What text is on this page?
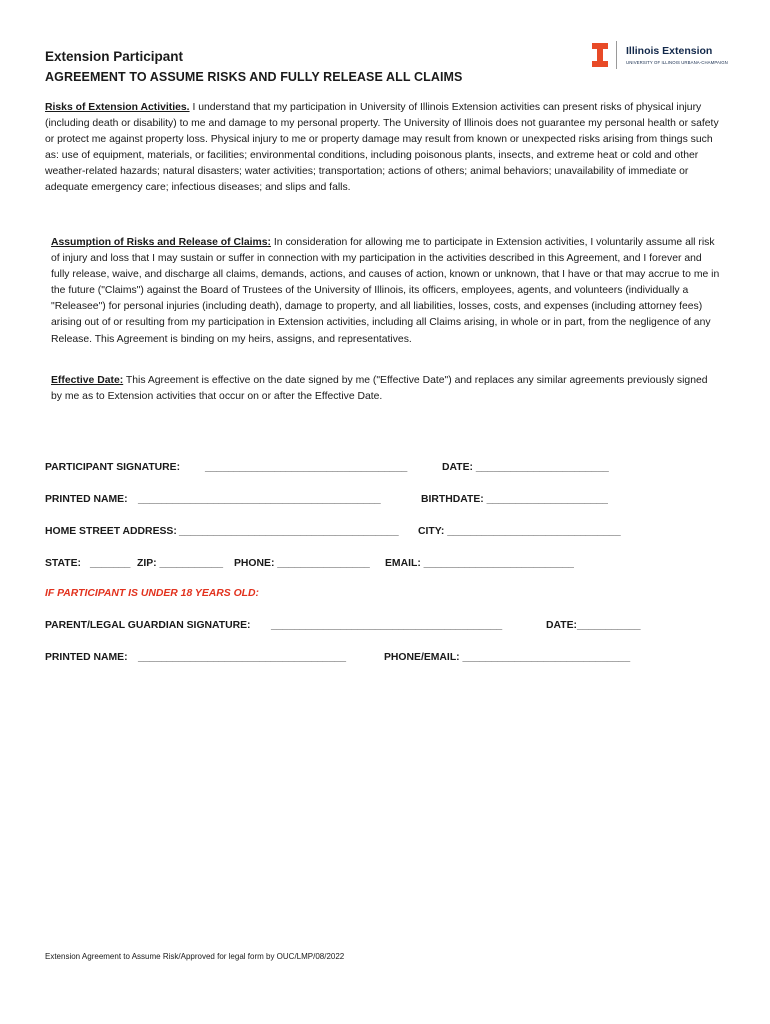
Extension Participant
AGREEMENT TO ASSUME RISKS AND FULLY RELEASE ALL CLAIMS
Illinois Extension
UNIVERSITY OF ILLINOIS URBANA-CHAMPAIGN
Risks of Extension Activities. I understand that my participation in University of Illinois Extension activities can present risks of physical injury (including death or disability) to me and damage to my personal property. The University of Illinois does not guarantee my personal health or safety or protect me against property loss. Physical injury to me or property damage may result from known or unexpected risks arising from things such as: use of equipment, materials, or facilities; environmental conditions, including poisonous plants, insects, and extreme heat or cold and other weather-related hazards; natural disasters; water activities; transportation; actions of others; animal behaviors; unavailability of immediate or adequate emergency care; infectious diseases; and slips and falls.
Assumption of Risks and Release of Claims: In consideration for allowing me to participate in Extension activities, I voluntarily assume all risk of injury and loss that I may sustain or suffer in connection with my participation in the activities described in this Agreement, and I forever and fully release, waive, and discharge all claims, demands, actions, and causes of action, known or unknown, that I have or that may accrue to me in the future ("Claims") against the Board of Trustees of the University of Illinois, its officers, employees, agents, and volunteers (individually a "Releasee") for personal injuries (including death), damage to property, and all liabilities, losses, costs, and expenses (including attorney fees) arising out of or resulting from my participation in Extension activities, including all Claims arising, in whole or in part, from the negligence of any Release. This Agreement is binding on my heirs, assigns, and representatives.
Effective Date: This Agreement is effective on the date signed by me ("Effective Date") and replaces any similar agreements previously signed by me as to Extension activities that occur on or after the Effective Date.
PARTICIPANT SIGNATURE: ___________________________________	DATE: _______________________
PRINTED NAME: __________________________________________	BIRTHDATE: _____________________
HOME STREET ADDRESS: ______________________________________ CITY: ______________________________
STATE: _______ ZIP: ___________ PHONE: ________________ EMAIL: __________________________
PARENT/LEGAL GUARDIAN SIGNATURE: ________________________________________	DATE:___________
PRINTED NAME: ____________________________________	PHONE/EMAIL: _____________________________
IF PARTICIPANT IS UNDER 18 YEARS OLD:
Extension Agreement to Assume Risk/Approved for legal form by OUC/LMP/08/2022
